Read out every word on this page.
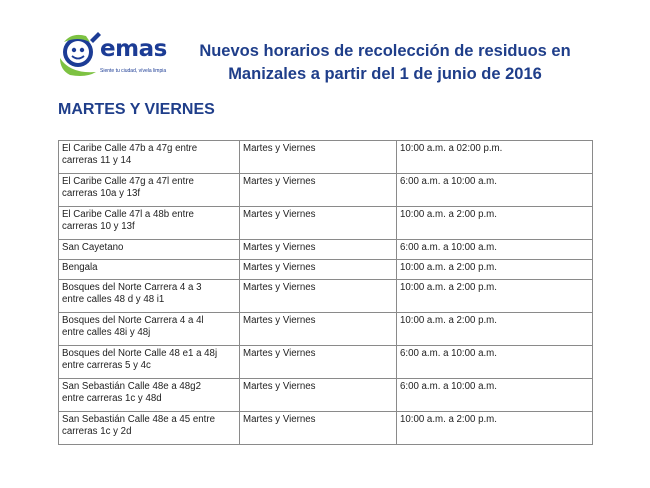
emas
Siente tu ciudad, vívela limpia
Nuevos horarios de recolección de residuos en
Manizales a partir del 1 de junio de 2016
MARTES Y VIERNES
El Caribe Calle 47b a 47g entre
carreras 11 y 14	Martes y Viernes	10:00 a.m. a 02:00 p.m.

El Caribe Calle 47g a 47l entre
carreras 10a y 13f	Martes y Viernes	6:00 a.m. a 10:00 a.m.

El Caribe Calle 47l a 48b entre
carreras 10 y 13f	Martes y Viernes	10:00 a.m. a 2:00 p.m.
San Cayetano	Martes y Viernes	6:00 a.m. a 10:00 a.m.
Bengala	Martes y Viernes	10:00 a.m. a 2:00 p.m.

Bosques del Norte Carrera 4 a 3
entre calles 48 d y 48 i1	Martes y Viernes	10:00 a.m. a 2:00 p.m.

Bosques del Norte Carrera 4 a 4l
entre calles 48i y 48j	Martes y Viernes	10:00 a.m. a 2:00 p.m.

Bosques del Norte Calle 48 e1 a 48j
entre carreras 5 y 4c	Martes y Viernes	6:00 a.m. a 10:00 a.m.

San Sebastián Calle 48e a 48g2
entre carreras 1c y 48d	Martes y Viernes	6:00 a.m. a 10:00 a.m.

San Sebastián Calle 48e a 45 entre
carreras 1c y 2d	Martes y Viernes	10:00 a.m. a 2:00 p.m.
